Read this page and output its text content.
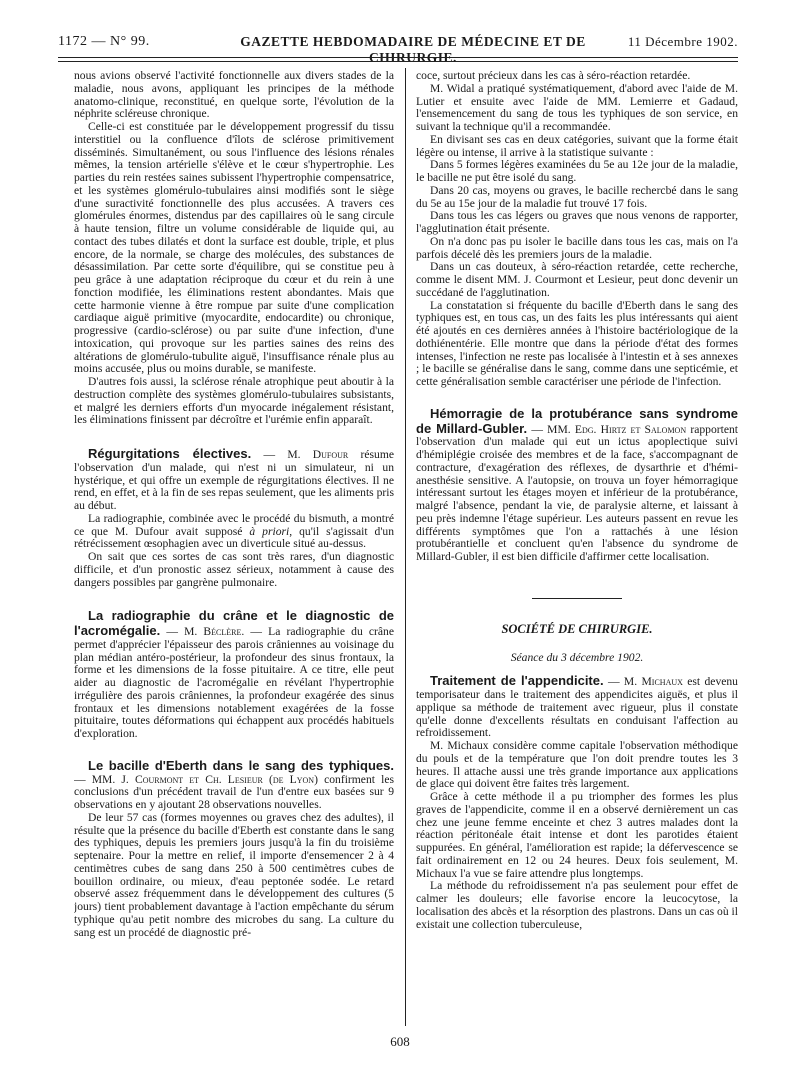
1172 — N° 99.	GAZETTE HEBDOMADAIRE DE MÉDECINE ET DE CHIRURGIE.
11 Décembre 1902.

nous avions observé l'activité fonctionnelle aux divers stades de la maladie, nous avons, appliquant les principes de la méthode anatomo-clinique, reconstitué, en quelque sorte, l'évolution de la néphrite scléreuse chronique.

Celle-ci est constituée par le développement progressif du tissu interstitiel ou la confluence d'îlots de sclérose primitivement disséminés. Simultanément, ou sous l'influence des lésions rénales mêmes, la tension artérielle s'élève et le cœur s'hypertrophie. Les parties du rein restées saines subissent l'hypertrophie compensatrice, et les systèmes glomérulo-tubulaires ainsi modifiés sont le siège d'une suractivité fonctionnelle des plus accusées. A travers ces glomérules énormes, distendus par des capillaires où le sang circule à haute tension, filtre un volume considérable de liquide qui, au contact des tubes dilatés et dont la surface est double, triple, et plus encore, de la normale, se charge des molécules, des substances de désassimilation. Par cette sorte d'équilibre, qui se constitue peu à peu grâce à une adaptation réciproque du cœur et du rein à une fonction modifiée, les éliminations restent abondantes. Mais que cette harmonie vienne à être rompue par suite d'une complication cardiaque aiguë primitive (myocardite, endocardite) ou chronique, progressive (cardio-sclérose) ou par suite d'une infection, d'une intoxication, qui provoque sur les parties saines des reins des altérations de glomérulo-tubulite aiguë, l'insuffisance rénale plus au moins accusée, plus ou moins durable, se manifeste.

D'autres fois aussi, la sclérose rénale atrophique peut aboutir à la destruction complète des systèmes glomérulo-tubulaires subsistants, et malgré les derniers efforts d'un myocarde inégalement résistant, les éliminations finissent par décroître et l'urémie enfin apparaît.

Régurgitations électives. — M. Dufour résume l'observation d'un malade, qui n'est ni un simulateur, ni un hystérique, et qui offre un exemple de régurgitations électives. Il ne rend, en effet, et à la fin de ses repas seulement, que les aliments pris au début.

La radiographie, combinée avec le procédé du bismuth, a montré ce que M. Dufour avait supposé à priori, qu'il s'agissait d'un rétrécissement œsophagien avec un diverticule situé au-dessus.

On sait que ces sortes de cas sont très rares, d'un diagnostic difficile, et d'un pronostic assez sérieux, notamment à cause des dangers possibles par gangrène pulmonaire.

La radiographie du crâne et le diagnostic de l'acromégalie. — M. Béclère. — La radiographie du crâne permet d'apprécier l'épaisseur des parois crâniennes au voisinage du plan médian antéro-postérieur, la profondeur des sinus frontaux, la forme et les dimensions de la fosse pituitaire. A ce titre, elle peut aider au diagnostic de l'acromégalie en révélant l'hypertrophie irrégulière des parois crâniennes, la profondeur exagérée des sinus frontaux et les dimensions notablement exagérées de la fosse pituitaire, toutes déformations qui échappent aux procédés habituels d'exploration.

Le bacille d'Eberth dans le sang des typhiques. — MM. J. Courmont et Ch. Lesieur (de Lyon) confirment les conclusions d'un précédent travail de l'un d'entre eux basées sur 9 observations en y ajoutant 28 observations nouvelles.

De leur 57 cas (formes moyennes ou graves chez des adultes), il résulte que la présence du bacille d'Eberth est constante dans le sang des typhiques, depuis les premiers jours jusqu'à la fin du troisième septenaire. Pour la mettre en relief, il importe d'ensemencer 2 à 4 centimètres cubes de sang dans 250 à 500 centimètres cubes de bouillon ordinaire, ou mieux, d'eau peptonée sodée. Le retard observé assez fréquemment dans le développement des cultures (5 jours) tient probablement davantage à l'action empêchante du sérum typhique qu'au petit nombre des microbes du sang. La culture du sang est un procédé de diagnostic pré-

coce, surtout précieux dans les cas à séro-réaction retardée.

M. Widal a pratiqué systématiquement, d'abord avec l'aide de M. Lutier et ensuite avec l'aide de MM. Lemierre et Gadaud, l'ensemencement du sang de tous les typhiques de son service, en suivant la technique qu'il a recommandée.

En divisant ses cas en deux catégories, suivant que la forme était légère ou intense, il arrive à la statistique suivante :

Dans 5 formes légères examinées du 5e au 12e jour de la maladie, le bacille ne put être isolé du sang.

Dans 20 cas, moyens ou graves, le bacille rechercbé dans le sang du 5e au 15e jour de la maladie fut trouvé 17 fois.

Dans tous les cas légers ou graves que nous venons de rapporter, l'agglutination était présente.

On n'a donc pas pu isoler le bacille dans tous les cas, mais on l'a parfois décelé dès les premiers jours de la maladie.

Dans un cas douteux, à séro-réaction retardée, cette recherche, comme le disent MM. J. Courmont et Lesieur, peut donc devenir un succédané de l'agglutination.

La constatation si fréquente du bacille d'Eberth dans le sang des typhiques est, en tous cas, un des faits les plus intéressants qui aient été ajoutés en ces dernières années à l'histoire bactériologique de la dothiénentérie. Elle montre que dans la période d'état des formes intenses, l'infection ne reste pas localisée à l'intestin et à ses annexes ; le bacille se généralise dans le sang, comme dans une septicémie, et cette généralisation semble caractériser une période de l'infection.

Hémorragie de la protubérance sans syndrome de Millard-Gubler. — MM. Edg. Hirtz et Salomon rapportent l'observation d'un malade qui eut un ictus apoplectique suivi d'hémiplégie croisée des membres et de la face, s'accompagnant de contracture, d'exagération des réflexes, de dysarthrie et d'hémi-anesthésie sensitive. A l'autopsie, on trouva un foyer hémorragique intéressant surtout les étages moyen et inférieur de la protubérance, malgré l'absence, pendant la vie, de paralysie alterne, et laissant à peu près indemne l'étage supérieur. Les auteurs passent en revue les différents symptômes que l'on a rattachés à une lésion protubérantielle et concluent qu'en l'absence du syndrome de Millard-Gubler, il est bien difficile d'affirmer cette localisation.

SOCIÉTÉ DE CHIRURGIE.
Séance du 3 décembre 1902.

Traitement de l'appendicite. — M. Michaux est devenu temporisateur dans le traitement des appendicites aiguës, et plus il applique sa méthode de traitement avec rigueur, plus il constate qu'elle donne d'excellents résultats en conduisant l'affection au refroidissement.

M. Michaux considère comme capitale l'observation méthodique du pouls et de la température que l'on doit prendre toutes les 3 heures. Il attache aussi une très grande importance aux applications de glace qui doivent être faites très largement.

Grâce à cette méthode il a pu triompher des formes les plus graves de l'appendicite, comme il en a observé dernièrement un cas chez une jeune femme enceinte et chez 3 autres malades dont la réaction péritonéale était intense et dont les parotides étaient suppurées. En général, l'amélioration est rapide; la défervescence se fait ordinairement en 12 ou 24 heures. Deux fois seulement, M. Michaux l'a vue se faire attendre plus longtemps.

La méthode du refroidissement n'a pas seulement pour effet de calmer les douleurs; elle favorise encore la leucocytose, la localisation des abcès et la résorption des plastrons. Dans un cas où il existait une collection tuberculeuse,

608
